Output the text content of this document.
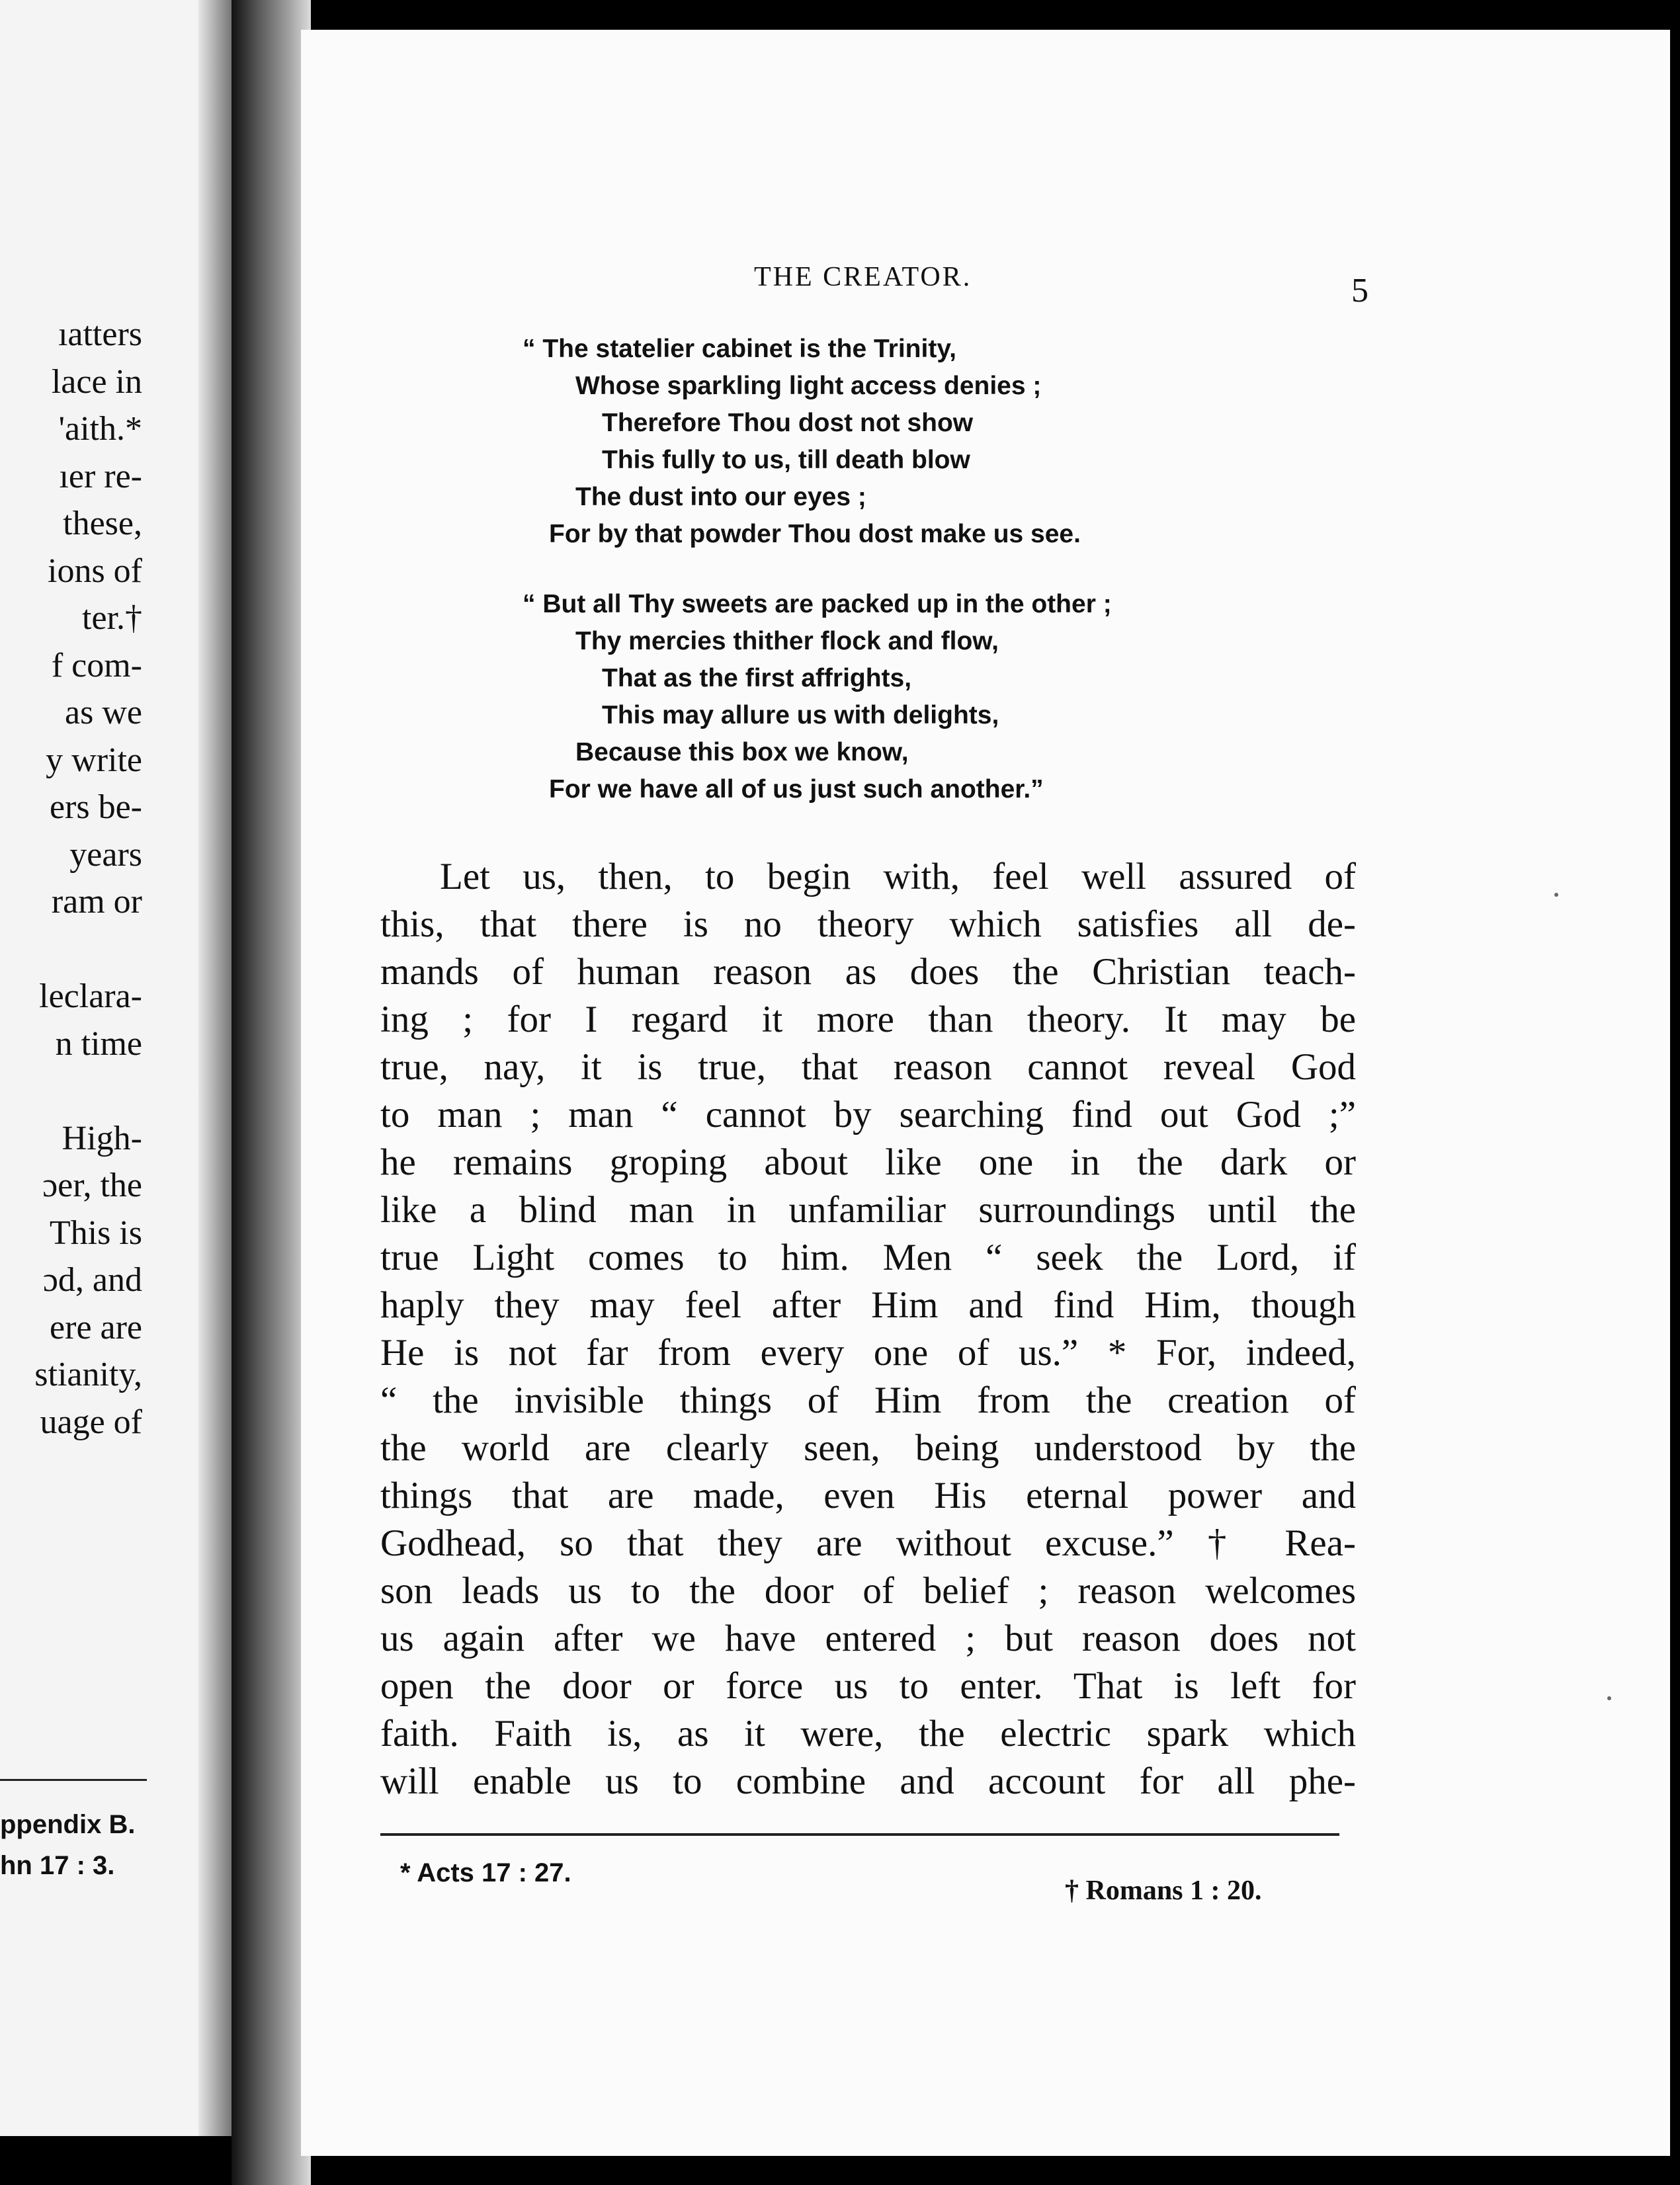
ıatters
lace in
'aith.*
ıer re-
these,
ions of
ter.†
f com-
as we
y write
ers be-
years
ram or
leclara-
n time
High-
ɔer, the
This is
ɔd, and
ere are
stianity,
uage of
ppendix B.
hn 17 : 3.
THE CREATOR.	5
“ The statelier cabinet is the Trinity,
Whose sparkling light access denies ;
Therefore Thou dost not show
This fully to us, till death blow
The dust into our eyes ;
For by that powder Thou dost make us see.
“ But all Thy sweets are packed up in the other ;
Thy mercies thither flock and flow,
That as the first affrights,
This may allure us with delights,
Because this box we know,
For we have all of us just such another.”
Let us, then, to begin with, feel well assured of
this, that there is no theory which satisfies all de-
mands of human reason as does the Christian teach-
ing ; for I regard it more than theory. It may be
true, nay, it is true, that reason cannot reveal God
to man ; man “ cannot by searching find out God ;”
he remains groping about like one in the dark or
like a blind man in unfamiliar surroundings until the
true Light comes to him. Men “ seek the Lord, if
haply they may feel after Him and find Him, though
He is not far from every one of us.” * For, indeed,
“ the invisible things of Him from the creation of
the world are clearly seen, being understood by the
things that are made, even His eternal power and
Godhead, so that they are without excuse.” † Rea-
son leads us to the door of belief ; reason welcomes
us again after we have entered ; but reason does not
open the door or force us to enter. That is left for
faith. Faith is, as it were, the electric spark which
will enable us to combine and account for all phe-
* Acts 17 : 27.
† Romans 1 : 20.
